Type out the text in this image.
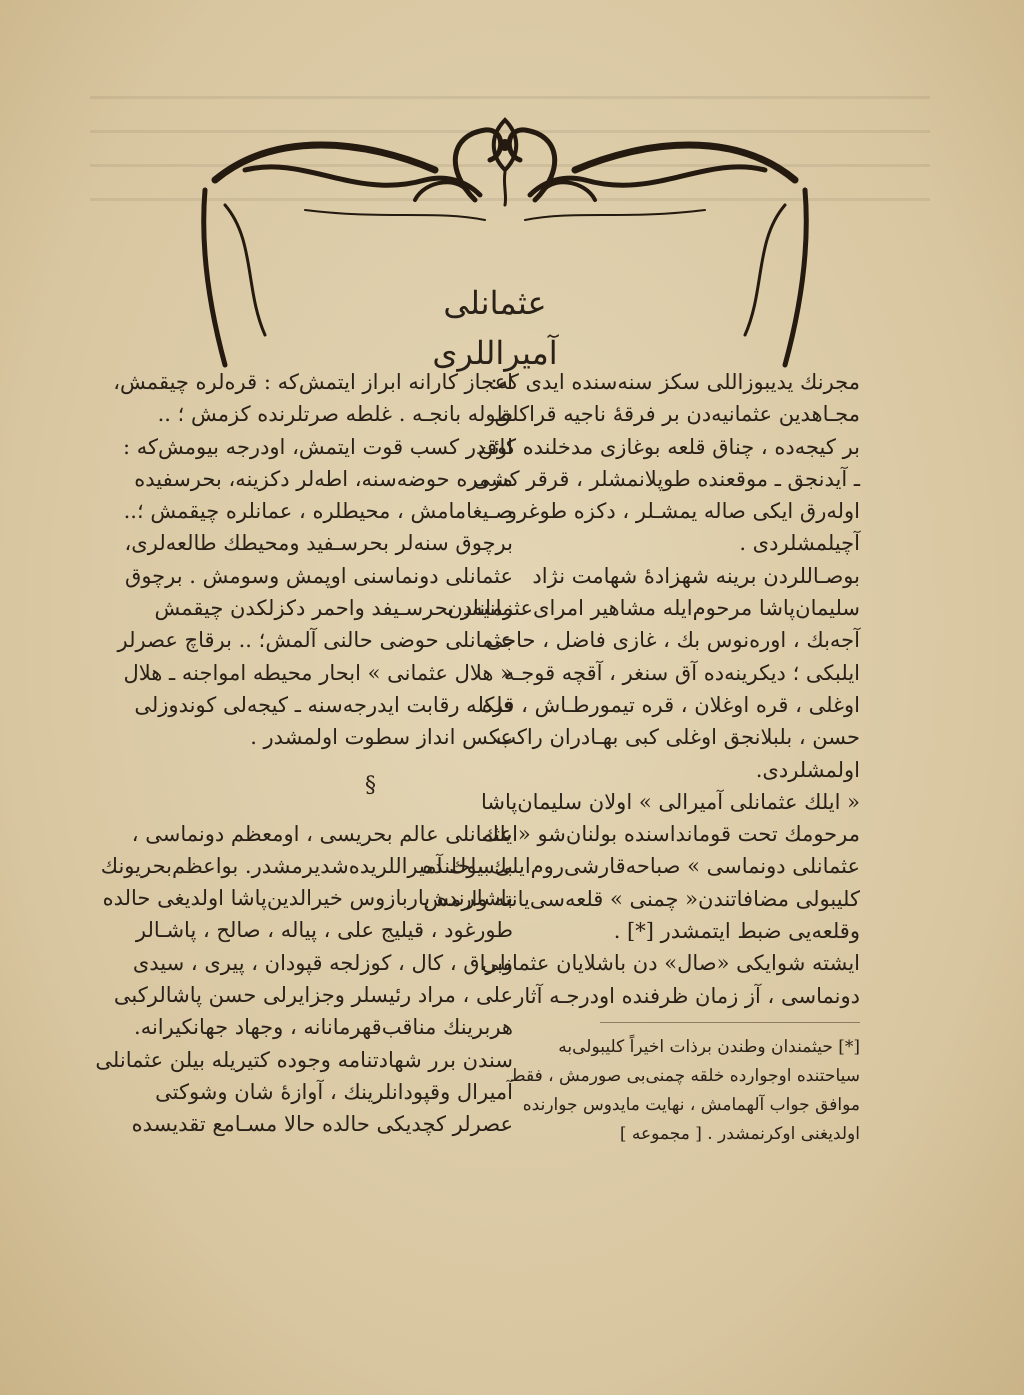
عثمانلی آمیراللری
مجرنك يديبوزاللى سكز سنه‌سنده ايدى كه:
مجـاهدين عثمانيه‌دن بر فرقهٔ ناجيه قراكلق
بر كيجه‌ده ، چناق قلعه بوغازى مدخلنده كائن
ـ آيدنجق ـ موقعنده طوپلانمشلر ، قرقر كشى
اوله‌رق ايكى صاله يمشـلر ، دكزه طوغرو
آچيلمشلردى .
بوصـاللردن برينه شهزادهٔ شهامت نژاد
سليمان‌پاشا مرحوم‌ايله مشاهير امراى‌عثمانيه‌دن
آجه‌بك ، اوره‌نوس بك ، غازى فاضل ، حاجى
ايلبكى ؛ ديكرينه‌ده آق سنغر ، آقچه قوجـه
اوغلى ، قره اوغلان ، قره تيمورطـاش ، قره
حسن ، بلبلانجق اوغلى كبى بهـادران راكب
اولمشلردى.
« ايلك عثمانلى آميرالى » اولان سليمان‌پاشا
مرحومك تحت قوماندا‌سنده بولنان‌شو «ايلك
عثمانلى دونماسى » صباحه‌قارشى‌روم‌ايلى‌ساحلنده
كليبولى مضافاتندن« چمنى » قلعه‌سى‌يانته وارمش
وقلعه‌يى ضبط ايتمشدر [*] .
ايشته شوايكى «صال» دن باشلايان عثمانلى
دونماسى ، آز زمان ظرفنده اودرجـه آثار
[*] حيثمندان وطندن برذات اخيراً كليبولى‌به
سياحتنده اوجوارده خلقه چمنى‌بى صورمش ، فقط
موافق جواب آلهمامش ، نهايت مايدوس جوارنده
اولديغنى اوكرنمشدر . [ مجموعه ]
اعجاز كارانه ابراز ايتمش‌كه : قره‌لره چيقمش،
طوله بانجـه . غلطه صرتلرنده كزمش ؛ ..
اوقدر كسب قوت ايتمش، اودرجه بيومش‌كه :
مرمره حوضه‌سنه، اطه‌لر دكزينه، بحرسفيده
صـيغامامش ، محيطلره ، عمانلره چيقمش ؛..
برچوق سنه‌لر بحرسـفيد ومحيطك طالعه‌لرى،
عثمانلى دونماسنى اوپمش وسومش . برچوق
زمانلر بحرسـيفد واحمر دكزلكدن چيقمش
عثمانلى حوضى حالنى آلمش؛ .. برقاچ عصرلر
« هلال عثمانى » ابحار محيطه امواجنه ـ هلال
فلكله رقابت ايدرجه‌سنه ـ كيجه‌لى كوندوزلى
عكس انداز سطوت اولمشدر .
§
عثمانلى عالم بحريسى ، اومعظم دونماسى ،
بك‌بيوك آميراللريده‌شديرمشدر. بواعظم‌بحريونك
باشلرنده باربازوس خيرالدين‌پاشا اولديغى حالده
طورغود ، قيليج على ، پياله ، صالح ، پاشـالر
وبراق ، كال ، كوزلجه قپودان ، پيرى ، سيدى
على ، مراد رئيسلر وجزايرلى حسن پاشالركبى
هربرينك مناقب‌قهرمانانه ، وجهاد جهانكيرانه.
سندن برر شهادتنامه وجوده كتيريله بيلن عثمانلى
آميرال وقپودانلرينك ، آوازهٔ شان وشوكتى
عصرلر كچديكى حالده حالا مسـامع تقديسده
